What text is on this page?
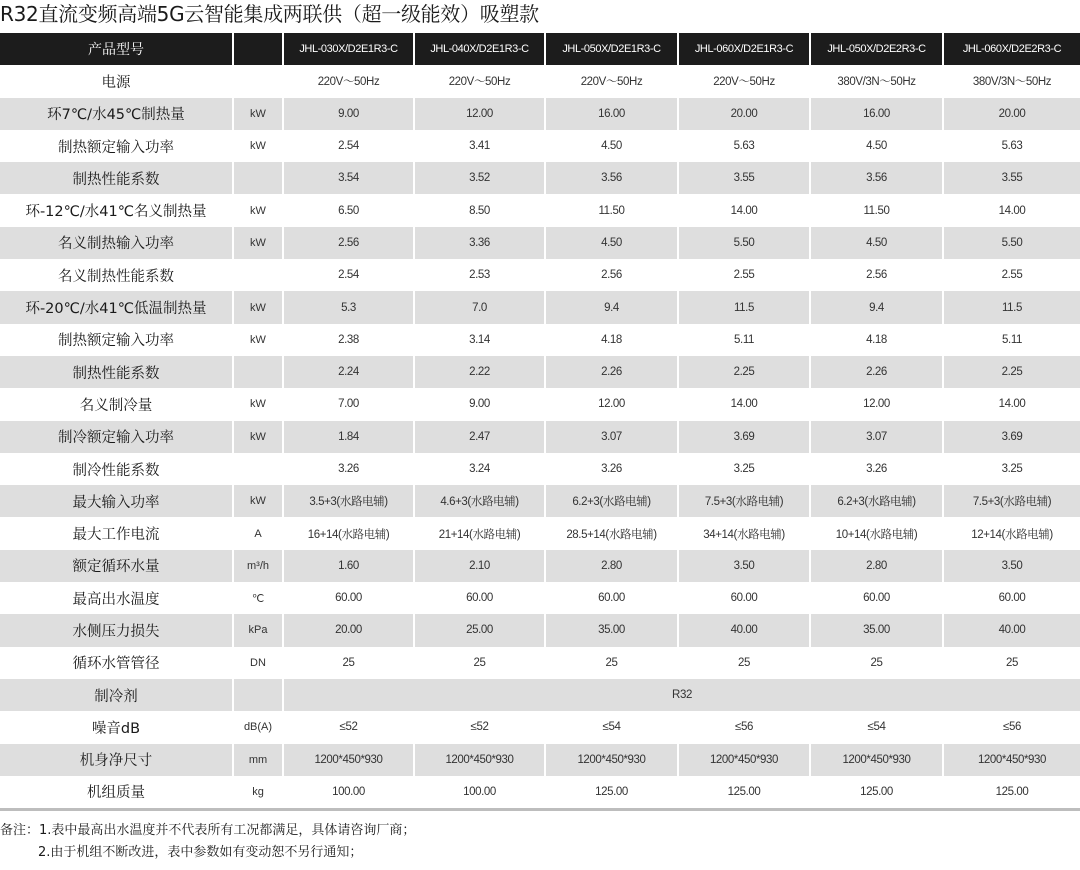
R32直流变频高端5G云智能集成两联供（超一级能效）吸塑款
产品型号		JHL-030X/D2E1R3-C	JHL-040X/D2E1R3-C	JHL-050X/D2E1R3-C	JHL-060X/D2E1R3-C	JHL-050X/D2E2R3-C	JHL-060X/D2E2R3-C
电源		220V～50Hz	220V～50Hz	220V～50Hz	220V～50Hz	380V/3N～50Hz	380V/3N～50Hz
环7℃/水45℃制热量	kW	9.00	12.00	16.00	20.00	16.00	20.00
制热额定输入功率	kW	2.54	3.41	4.50	5.63	4.50	5.63
制热性能系数		3.54	3.52	3.56	3.55	3.56	3.55
环-12℃/水41℃名义制热量	kW	6.50	8.50	11.50	14.00	11.50	14.00
名义制热输入功率	kW	2.56	3.36	4.50	5.50	4.50	5.50
名义制热性能系数		2.54	2.53	2.56	2.55	2.56	2.55
环-20℃/水41℃低温制热量	kW	5.3	7.0	9.4	11.5	9.4	11.5
制热额定输入功率	kW	2.38	3.14	4.18	5.11	4.18	5.11
制热性能系数		2.24	2.22	2.26	2.25	2.26	2.25
名义制冷量	kW	7.00	9.00	12.00	14.00	12.00	14.00
制冷额定输入功率	kW	1.84	2.47	3.07	3.69	3.07	3.69
制冷性能系数		3.26	3.24	3.26	3.25	3.26	3.25
最大输入功率	kW	3.5+3(水路电辅)	4.6+3(水路电辅)	6.2+3(水路电辅)	7.5+3(水路电辅)	6.2+3(水路电辅)	7.5+3(水路电辅)
最大工作电流	A	16+14(水路电辅)	21+14(水路电辅)	28.5+14(水路电辅)	34+14(水路电辅)	10+14(水路电辅)	12+14(水路电辅)
额定循环水量	m³/h	1.60	2.10	2.80	3.50	2.80	3.50
最高出水温度	℃	60.00	60.00	60.00	60.00	60.00	60.00
水侧压力损失	kPa	20.00	25.00	35.00	40.00	35.00	40.00
循环水管管径	DN	25	25	25	25	25	25
制冷剂		R32					
噪音dB	dB(A)	≤52	≤52	≤54	≤56	≤54	≤56
机身净尺寸	mm	1200*450*930	1200*450*930	1200*450*930	1200*450*930	1200*450*930	1200*450*930
机组质量	kg	100.00	100.00	125.00	125.00	125.00	125.00
备注：1.表中最高出水温度并不代表所有工况都满足，具体请咨询厂商；
2.由于机组不断改进，表中参数如有变动恕不另行通知；
